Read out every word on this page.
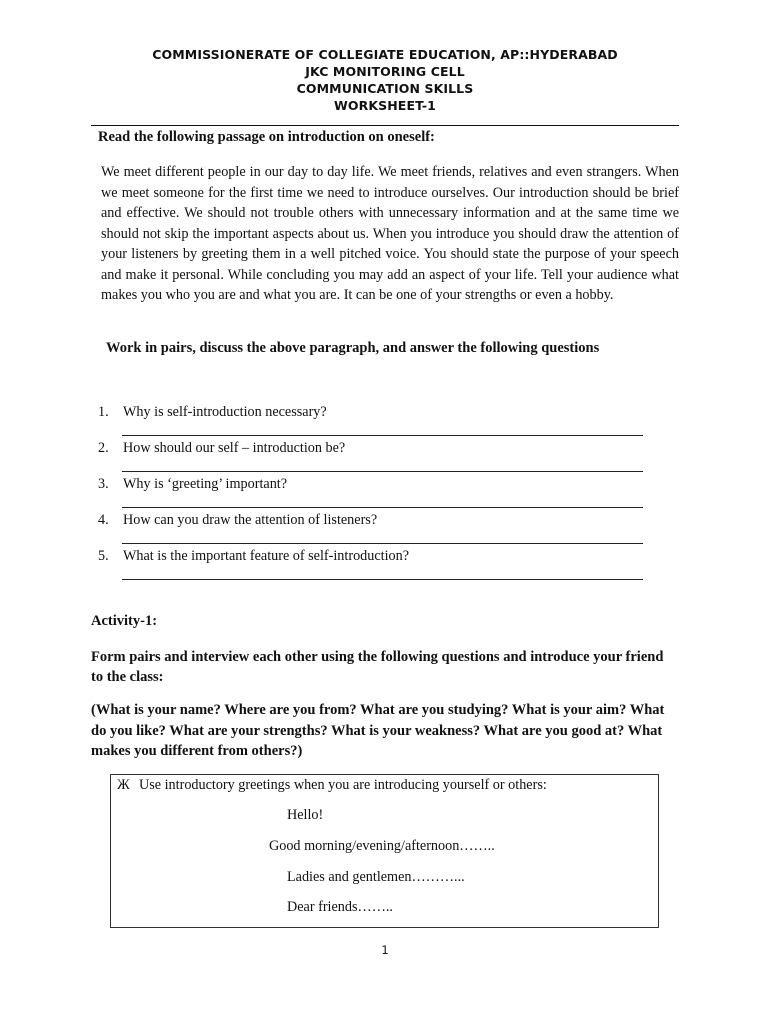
COMMISSIONERATE OF COLLEGIATE EDUCATION, AP::HYDERABAD
JKC MONITORING CELL
COMMUNICATION SKILLS
WORKSHEET-1
Read the following passage on introduction on oneself:

We meet different people in our day to day life. We meet friends, relatives and even strangers. When we meet someone for the first time we need to introduce ourselves. Our introduction should be brief and effective. We should not trouble others with unnecessary information and at the same time we should not skip the important aspects about us. When you introduce you should draw the attention of your listeners by greeting them in a well pitched voice. You should state the purpose of your speech and make it personal. While concluding you may add an aspect of your life. Tell your audience what makes you who you are and what you are. It can be one of your strengths or even a hobby.

Work in pairs, discuss the above paragraph, and answer the following questions
1. Why is self-introduction necessary?
2. How should our self – introduction be?
3. Why is ‘greeting’ important?
4. How can you draw the attention of listeners?
5. What is the important feature of self-introduction?
Activity-1:
Form pairs and interview each other using the following questions and introduce your friend to the class:
(What is your name? Where are you from? What are you studying? What is your aim? What do you like? What are your strengths? What is your weakness? What are you good at? What makes you different from others?)
Ж Use introductory greetings when you are introducing yourself or others:
Hello!
Good morning/evening/afternoon……..
Ladies and gentlemen………...
Dear friends……..
1
